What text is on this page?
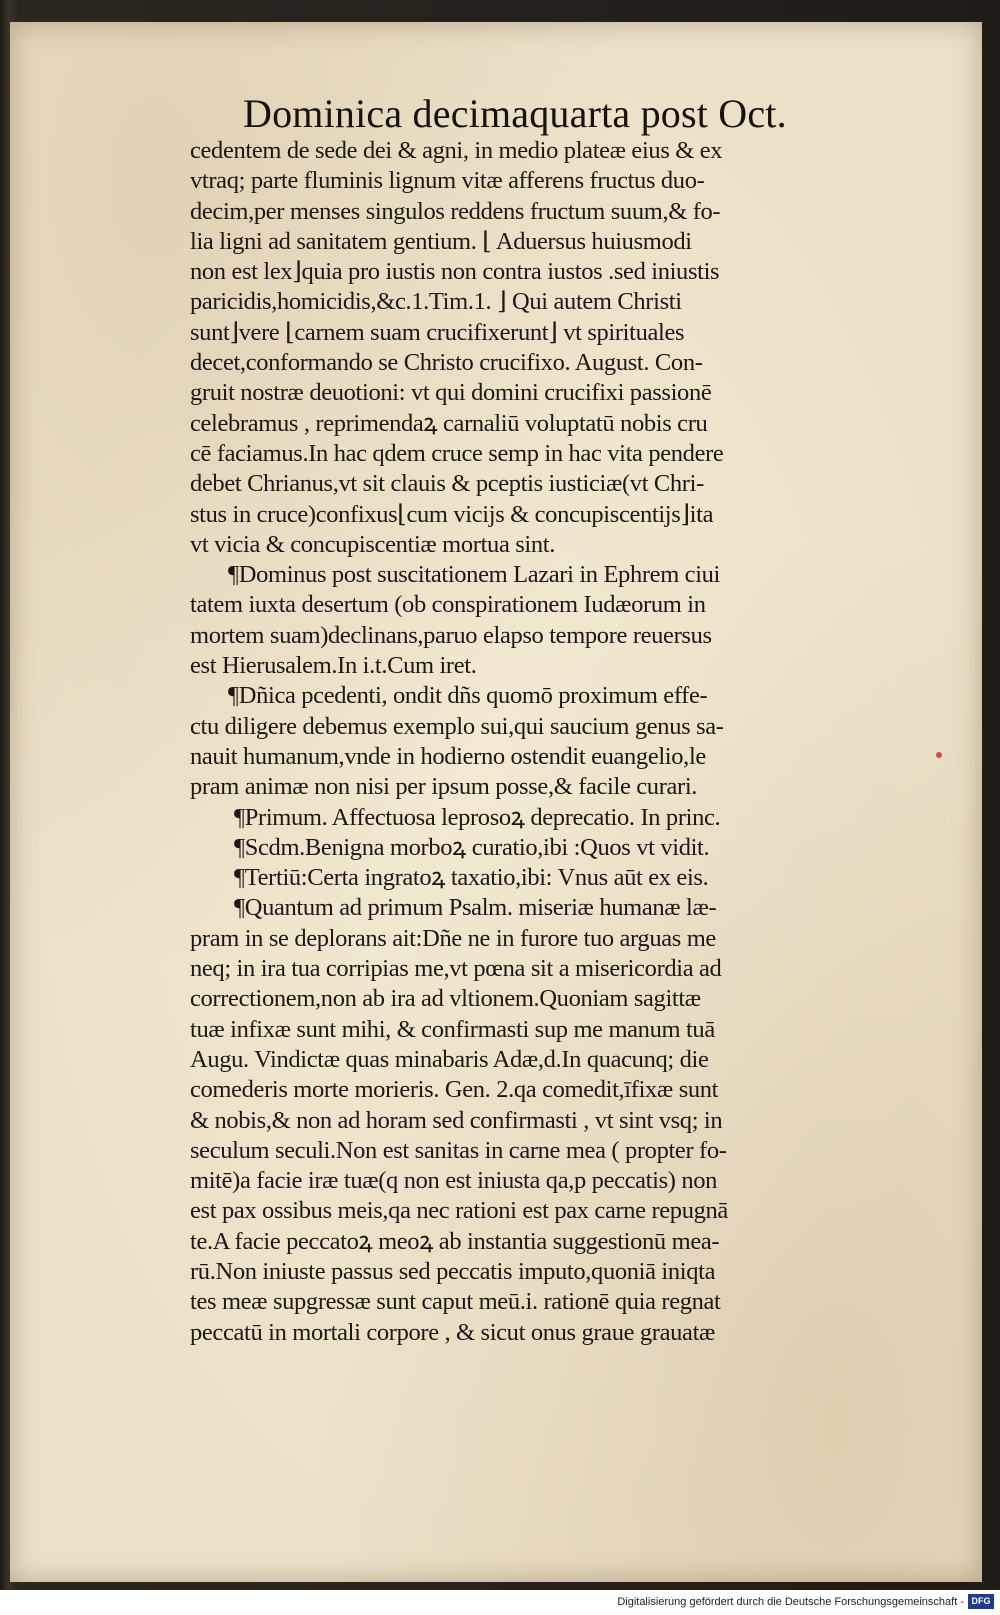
Dominica decimaquarta post Oct.
cedentem de sede dei & agni, in medio plateæ eius & ex
vtraq; parte fluminis lignum vitæ afferens fructus duo-
decim,per menses singulos reddens fructum suum,& fo-
lia ligni ad sanitatem gentium. ⌊ Aduersus huiusmodi
non est lex⌋quia pro iustis non contra iustos .sed iniustis
paricidis,homicidis,&c.1.Tim.1. ⌋ Qui autem Christi
sunt⌋vere ⌊carnem suam crucifixerunt⌋ vt spirituales
decet,conformando se Christo crucifixo. August. Con-
gruit nostræ deuotioni: vt qui domini crucifixi passionē
celebramus , reprimendaꝝ carnaliū voluptatū nobis cru
cē faciamus.In hac qdem cruce semp in hac vita pendere
debet Chrianus,vt sit clauis & pceptis iusticiæ(vt Chri-
stus in cruce)confixus⌊cum vicijs & concupiscentijs⌋ita
vt vicia & concupiscentiæ mortua sint.
¶Dominus post suscitationem Lazari in Ephrem ciui
tatem iuxta desertum (ob conspirationem Iudæorum in
mortem suam)declinans,paruo elapso tempore reuersus
est Hierusalem.In i.t.Cum iret.
¶Dñica pcedenti, ondit dñs quomō proximum effe-
ctu diligere debemus exemplo sui,qui saucium genus sa-
nauit humanum,vnde in hodierno ostendit euangelio,le
pram animæ non nisi per ipsum posse,& facile curari.
¶Primum. Affectuosa leprosoꝝ deprecatio. In princ.
¶Scdm.Benigna morboꝝ curatio,ibi :Quos vt vidit.
¶Tertiū:Certa ingratoꝝ taxatio,ibi: Vnus aūt ex eis.
¶Quantum ad primum Psalm. miseriæ humanæ læ-
pram in se deplorans ait:Dñe ne in furore tuo arguas me
neq; in ira tua corripias me,vt pœna sit a misericordia ad
correctionem,non ab ira ad vltionem.Quoniam sagittæ
tuæ infixæ sunt mihi, & confirmasti sup me manum tuā
Augu. Vindictæ quas minabaris Adæ,d.In quacunq; die
comederis morte morieris. Gen. 2.qa comedit,īfixæ sunt
& nobis,& non ad horam sed confirmasti , vt sint vsq; in
seculum seculi.Non est sanitas in carne mea ( propter fo-
mitē)a facie iræ tuæ(q non est iniusta qa,p peccatis) non
est pax ossibus meis,qa nec rationi est pax carne repugnā
te.A facie peccatoꝝ meoꝝ ab instantia suggestionū mea-
rū.Non iniuste passus sed peccatis imputo,quoniā iniqta
tes meæ supgressæ sunt caput meū.i. rationē quia regnat
peccatū in mortali corpore , & sicut onus graue grauatæ
Digitalisierung gefördert durch die Deutsche Forschungsgemeinschaft - DFG
